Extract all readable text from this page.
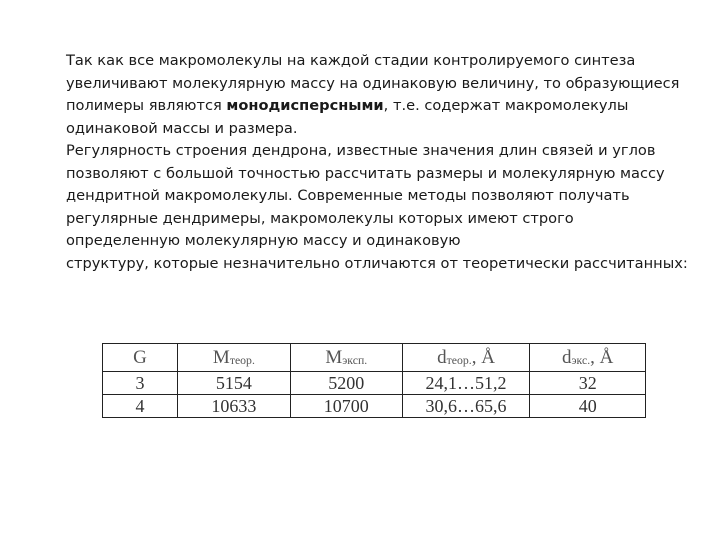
Так как все макромолекулы на каждой стадии контролируемого синтеза

увеличивают молекулярную массу на одинаковую величину, то образующиеся

полимеры являются монодисперсными, т.е. содержат макромолекулы

одинаковой массы и размера.

Регулярность строения дендрона, известные значения длин связей и углов

позволяют с большой точностью рассчитать размеры и молекулярную массу

дендритной макромолекулы. Современные методы позволяют получать

регулярные дендримеры, макромолекулы которых имеют строго

определенную молекулярную массу и одинаковую

структуру, которые незначительно отличаются от теоретически рассчитанных:

G	$M_{теор.}$	$M_{эксп.}$	$d_{теор.}$, Å	$d_{экс.}$, Å
3	5154	5200	24,1…51,2	32
4	10633	10700	30,6…65,6	40
